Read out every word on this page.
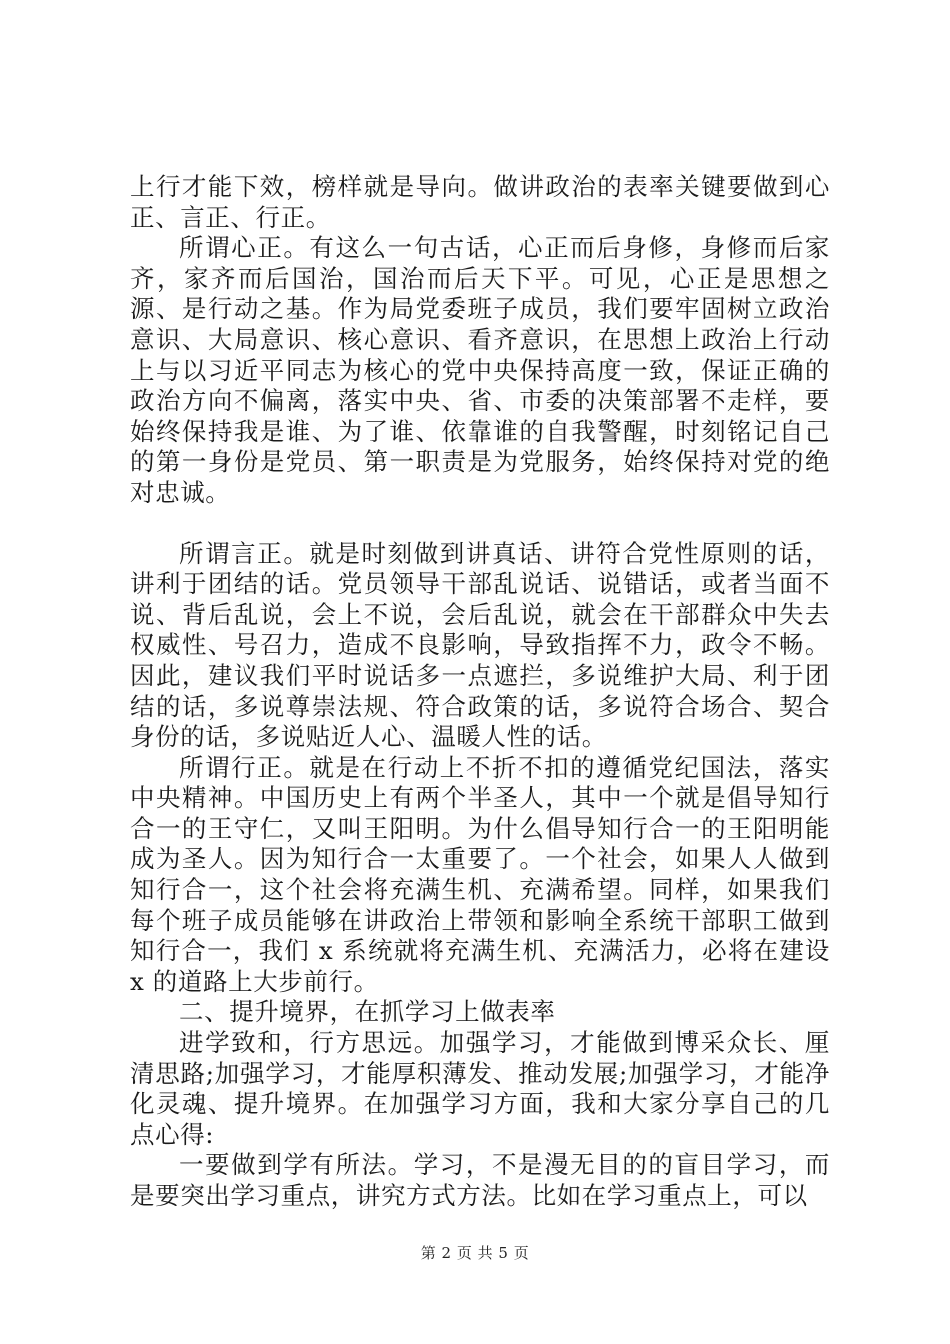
上行才能下效，榜样就是导向。做讲政治的表率关键要做到心正、言正、行正。

所谓心正。有这么一句古话，心正而后身修，身修而后家齐，家齐而后国治，国治而后天下平。可见，心正是思想之源、是行动之基。作为局党委班子成员，我们要牢固树立政治意识、大局意识、核心意识、看齐意识，在思想上政治上行动上与以习近平同志为核心的党中央保持高度一致，保证正确的政治方向不偏离，落实中央、省、市委的决策部署不走样，要始终保持我是谁、为了谁、依靠谁的自我警醒，时刻铭记自己的第一身份是党员、第一职责是为党服务，始终保持对党的绝对忠诚。

所谓言正。就是时刻做到讲真话、讲符合党性原则的话，讲利于团结的话。党员领导干部乱说话、说错话，或者当面不说、背后乱说，会上不说，会后乱说，就会在干部群众中失去权威性、号召力，造成不良影响，导致指挥不力，政令不畅。因此，建议我们平时说话多一点遮拦，多说维护大局、利于团结的话，多说尊崇法规、符合政策的话，多说符合场合、契合身份的话，多说贴近人心、温暖人性的话。

所谓行正。就是在行动上不折不扣的遵循党纪国法，落实中央精神。中国历史上有两个半圣人，其中一个就是倡导知行合一的王守仁，又叫王阳明。为什么倡导知行合一的王阳明能成为圣人。因为知行合一太重要了。一个社会，如果人人做到知行合一，这个社会将充满生机、充满希望。同样，如果我们每个班子成员能够在讲政治上带领和影响全系统干部职工做到知行合一，我们 x 系统就将充满生机、充满活力，必将在建设 x 的道路上大步前行。

二、提升境界，在抓学习上做表率

进学致和，行方思远。加强学习，才能做到博采众长、厘清思路;加强学习，才能厚积薄发、推动发展;加强学习，才能净化灵魂、提升境界。在加强学习方面，我和大家分享自己的几点心得:

一要做到学有所法。学习，不是漫无目的的盲目学习，而是要突出学习重点，讲究方式方法。比如在学习重点上，可以

第 2 页 共 5 页
